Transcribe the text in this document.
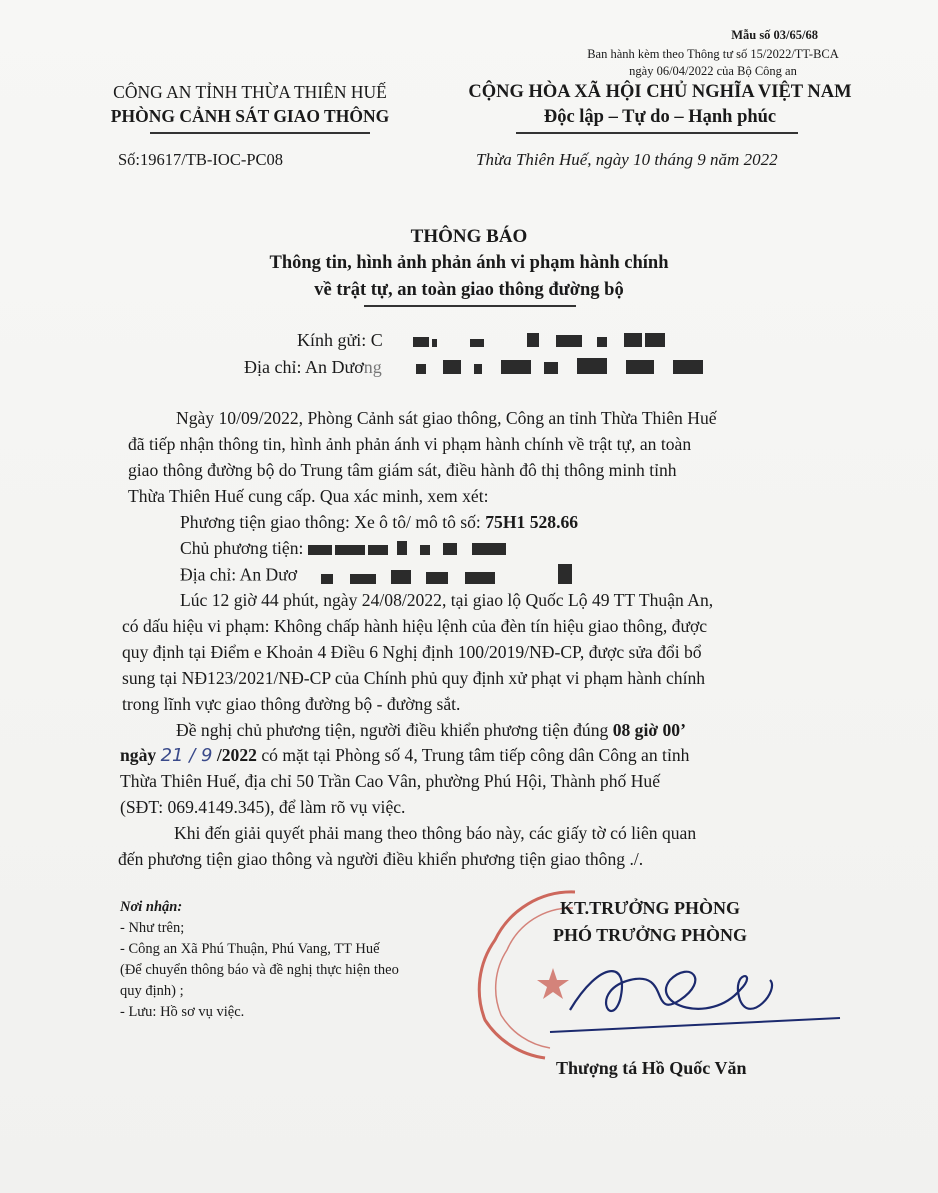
Mẫu số 03/65/68
Ban hành kèm theo Thông tư số 15/2022/TT-BCA
ngày 06/04/2022 của Bộ Công an
CÔNG AN TỈNH THỪA THIÊN HUẾ
PHÒNG CẢNH SÁT GIAO THÔNG
CỘNG HÒA XÃ HỘI CHỦ NGHĨA VIỆT NAM
Độc lập – Tự do – Hạnh phúc
Số:19617/TB-IOC-PC08	Thừa Thiên Huế, ngày 10 tháng 9 năm 2022
THÔNG BÁO
Thông tin, hình ảnh phản ánh vi phạm hành chính
về trật tự, an toàn giao thông đường bộ
Kính gửi: C
Địa chỉ: An Dương
Ngày 10/09/2022, Phòng Cảnh sát giao thông, Công an tỉnh Thừa Thiên Huế
đã tiếp nhận thông tin, hình ảnh phản ánh vi phạm hành chính về trật tự, an toàn
giao thông đường bộ do Trung tâm giám sát, điều hành đô thị thông minh tỉnh
Thừa Thiên Huế cung cấp. Qua xác minh, xem xét:
Phương tiện giao thông: Xe ô tô/ mô tô số: 75H1 528.66
Chủ phương tiện:
Địa chỉ: An Dươ
Lúc 12 giờ 44 phút, ngày 24/08/2022, tại giao lộ Quốc Lộ 49 TT Thuận An,
có dấu hiệu vi phạm: Không chấp hành hiệu lệnh của đèn tín hiệu giao thông, được
quy định tại Điểm e Khoản 4 Điều 6 Nghị định 100/2019/NĐ-CP, được sửa đổi bổ
sung tại NĐ123/2021/NĐ-CP của Chính phủ quy định xử phạt vi phạm hành chính
trong lĩnh vực giao thông đường bộ - đường sắt.
Đề nghị chủ phương tiện, người điều khiển phương tiện đúng 08 giờ 00’
ngày 21 / 9 /2022 có mặt tại Phòng số 4, Trung tâm tiếp công dân Công an tỉnh
Thừa Thiên Huế, địa chỉ 50 Trần Cao Vân, phường Phú Hội, Thành phố Huế
(SĐT: 069.4149.345), để làm rõ vụ việc.
Khi đến giải quyết phải mang theo thông báo này, các giấy tờ có liên quan
đến phương tiện giao thông và người điều khiển phương tiện giao thông ./.
Nơi nhận:
- Như trên;
- Công an Xã Phú Thuận, Phú Vang, TT Huế
(Để chuyển thông báo và đề nghị thực hiện theo
quy định) ;
- Lưu: Hồ sơ vụ việc.
KT.TRƯỞNG PHÒNG
PHÓ TRƯỞNG PHÒNG
Thượng tá Hồ Quốc Văn
